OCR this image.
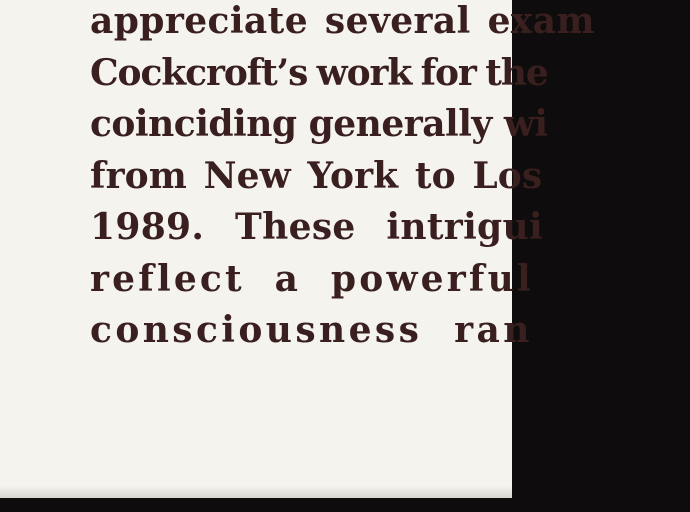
appreciate several exam
Cockcroft’s work for the
coinciding generally wi
from New York to Los
1989. These intrigui
reflect a powerful
consciousness ran
